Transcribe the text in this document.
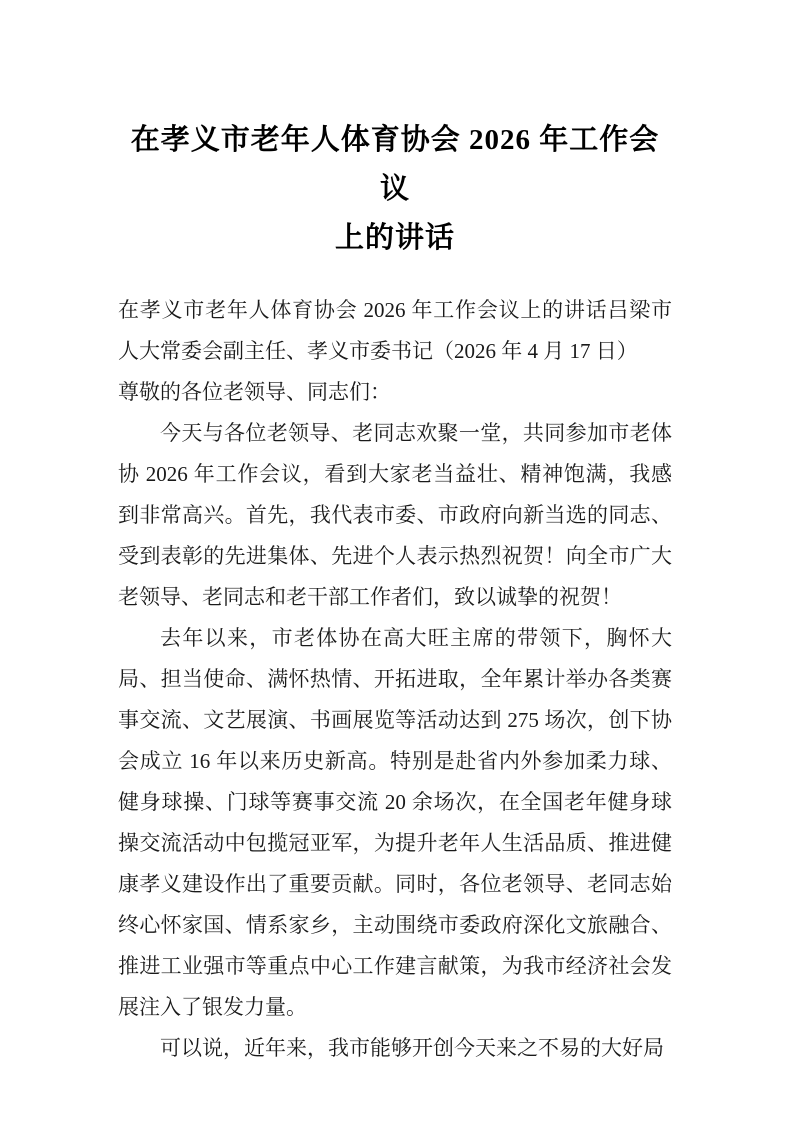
在孝义市老年人体育协会 2026 年工作会议
上的讲话

在孝义市老年人体育协会 2026 年工作会议上的讲话吕梁市人大常委会副主任、孝义市委书记（2026 年 4 月 17 日）

尊敬的各位老领导、同志们：

今天与各位老领导、老同志欢聚一堂，共同参加市老体协 2026 年工作会议，看到大家老当益壮、精神饱满，我感到非常高兴。首先，我代表市委、市政府向新当选的同志、受到表彰的先进集体、先进个人表示热烈祝贺！向全市广大老领导、老同志和老干部工作者们，致以诚挚的祝贺！

去年以来，市老体协在高大旺主席的带领下，胸怀大局、担当使命、满怀热情、开拓进取，全年累计举办各类赛事交流、文艺展演、书画展览等活动达到 275 场次，创下协会成立 16 年以来历史新高。特别是赴省内外参加柔力球、健身球操、门球等赛事交流 20 余场次，在全国老年健身球操交流活动中包揽冠亚军，为提升老年人生活品质、推进健康孝义建设作出了重要贡献。同时，各位老领导、老同志始终心怀家国、情系家乡，主动围绕市委政府深化文旅融合、推进工业强市等重点中心工作建言献策，为我市经济社会发展注入了银发力量。

可以说，近年来，我市能够开创今天来之不易的大好局
